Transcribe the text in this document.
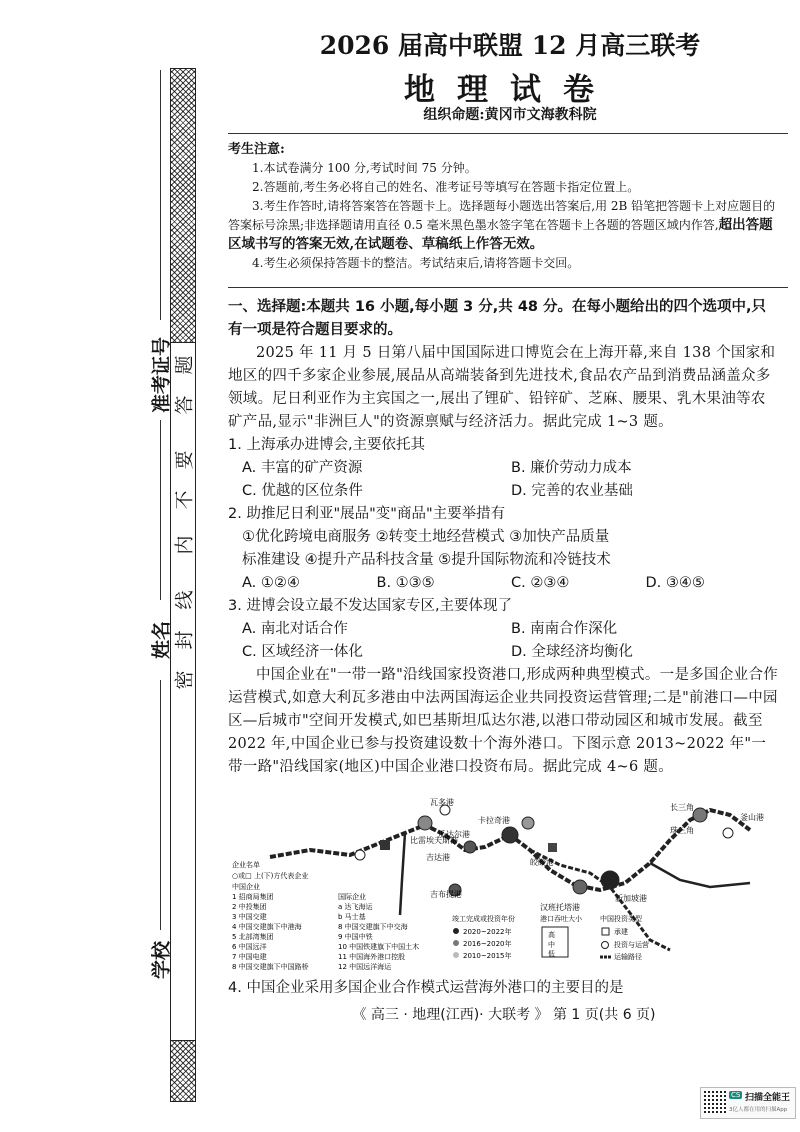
题
答
要
不
内
线
封
密
准考证号
姓名
学校
2026 届高中联盟 12 月高三联考
地理试卷
组织命题:黄冈市文海教科院

考生注意:

1.本试卷满分 100 分,考试时间 75 分钟。

2.答题前,考生务必将自己的姓名、准考证号等填写在答题卡指定位置上。

3.考生作答时,请将答案答在答题卡上。选择题每小题选出答案后,用 2B 铅笔把答题卡上对应题目的答案标号涂黑;非选择题请用直径 0.5 毫米黑色墨水签字笔在答题卡上各题的答题区域内作答,超出答题区域书写的答案无效,在试题卷、草稿纸上作答无效。

4.考生必须保持答题卡的整洁。考试结束后,请将答题卡交回。

一、选择题:本题共 16 小题,每小题 3 分,共 48 分。在每小题给出的四个选项中,只有一项是符合题目要求的。

2025 年 11 月 5 日第八届中国国际进口博览会在上海开幕,来自 138 个国家和地区的四千多家企业参展,展品从高端装备到先进技术,食品农产品到消费品涵盖众多领域。尼日利亚作为主宾国之一,展出了锂矿、铅锌矿、芝麻、腰果、乳木果油等农矿产品,显示"非洲巨人"的资源禀赋与经济活力。据此完成 1~3 题。

1. 上海承办进博会,主要依托其

A. 丰富的矿产资源	B. 廉价劳动力成本
C. 优越的区位条件	D. 完善的农业基础

2. 助推尼日利亚"展品"变"商品"主要举措有

①优化跨境电商服务 ②转变土地经营模式 ③加快产品质量

标准建设 ④提升产品科技含量 ⑤提升国际物流和冷链技术

A. ①②④	B. ①③⑤	C. ②③④	D. ③④⑤

3. 进博会设立最不发达国家专区,主要体现了

A. 南北对话合作	B. 南南合作深化
C. 区域经济一体化	D. 全球经济均衡化

中国企业在"一带一路"沿线国家投资港口,形成两种典型模式。一是多国企业合作运营模式,如意大利瓦多港由中法两国海运企业共同投资运营管理;二是"前港口—中园区—后城市"空间开发模式,如巴基斯坦瓜达尔港,以港口带动园区和城市发展。截至 2022 年,中国企业已参与投资建设数十个海外港口。下图示意 2013~2022 年"一带一路"沿线国家(地区)中国企业港口投资布局。据此完成 4~6 题。

瓦多港
瓜达尔港
卡拉奇港
比雷埃夫斯港
吉达港
吉布提港
汉班托塔港
新加坡港
长三角
珠三角
釜山港
皎皎港
企业名单
○或□ 上(下)方代表企业
中国企业
1 招商局集团
2 中投集团
3 中国交建
4 中国交建旗下中港海
5 北部湾集团
6 中国远洋
7 中国电建
8 中国交建旗下中国路桥
国际企业
a 达飞海运
b 马士基
8 中国交建旗下中交海
9 中国中铁
10 中国铁建旗下中国土木
11 中国海外港口控股
12 中国远洋海运
竣工完成或投资年份
2020~2022年
2016~2020年
2010~2015年
港口吞吐大小
高
中
低
中国投资类型
承建
投资与运营
运输路径
4. 中国企业采用多国企业合作模式运营海外港口的主要目的是
《 高三 · 地理(江西)· 大联考 》 第 1 页(共 6 页)
CS 扫描全能王
3亿人都在用的扫描App
